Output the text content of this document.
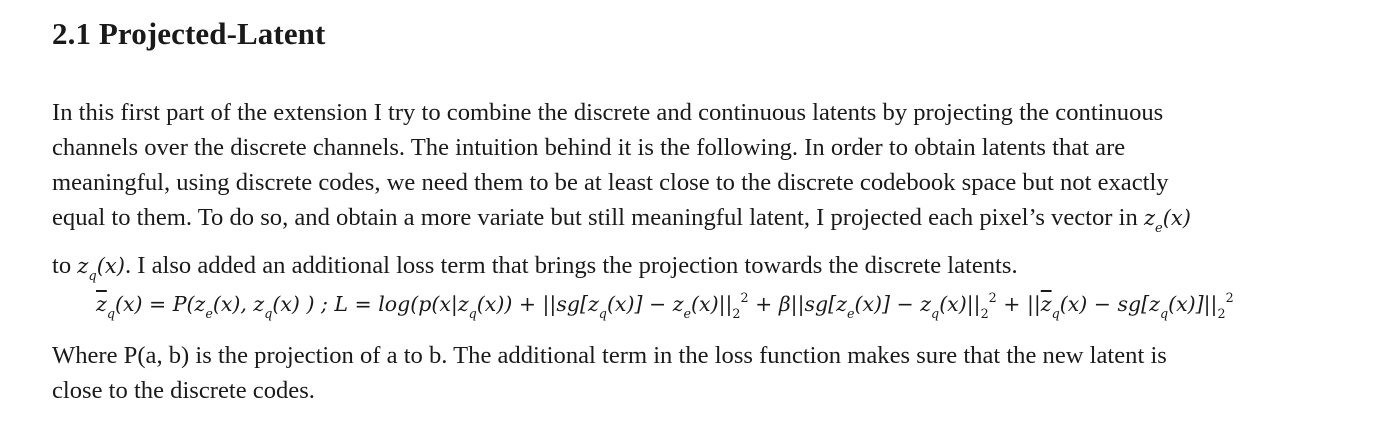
2.1 Projected-Latent

In this first part of the extension I try to combine the discrete and continuous latents by projecting the continuous

channels over the discrete channels. The intuition behind it is the following. In order to obtain latents that are

meaningful, using discrete codes, we need them to be at least close to the discrete codebook space but not exactly

equal to them. To do so, and obtain a more variate but still meaningful latent, I projected each pixel’s vector in $z_e(x)$

to $z_q(x)$. I also added an additional loss term that brings the projection towards the discrete latents.

$\overline{z}_q(x) = P(z_e(x)$, $z_q(x)$ ) ; $L = \log(p(x|z_q(x)) + ||sg[z_q(x)] - z_e(x)||_2^2 + \beta||sg[z_e(x)] - z_q(x)||_2^2 + ||\overline{z}_q(x) - sg[z_q(x)]||_2^2$

Where P(a, b) is the projection of a to b. The additional term in the loss function makes sure that the new latent is

close to the discrete codes.
